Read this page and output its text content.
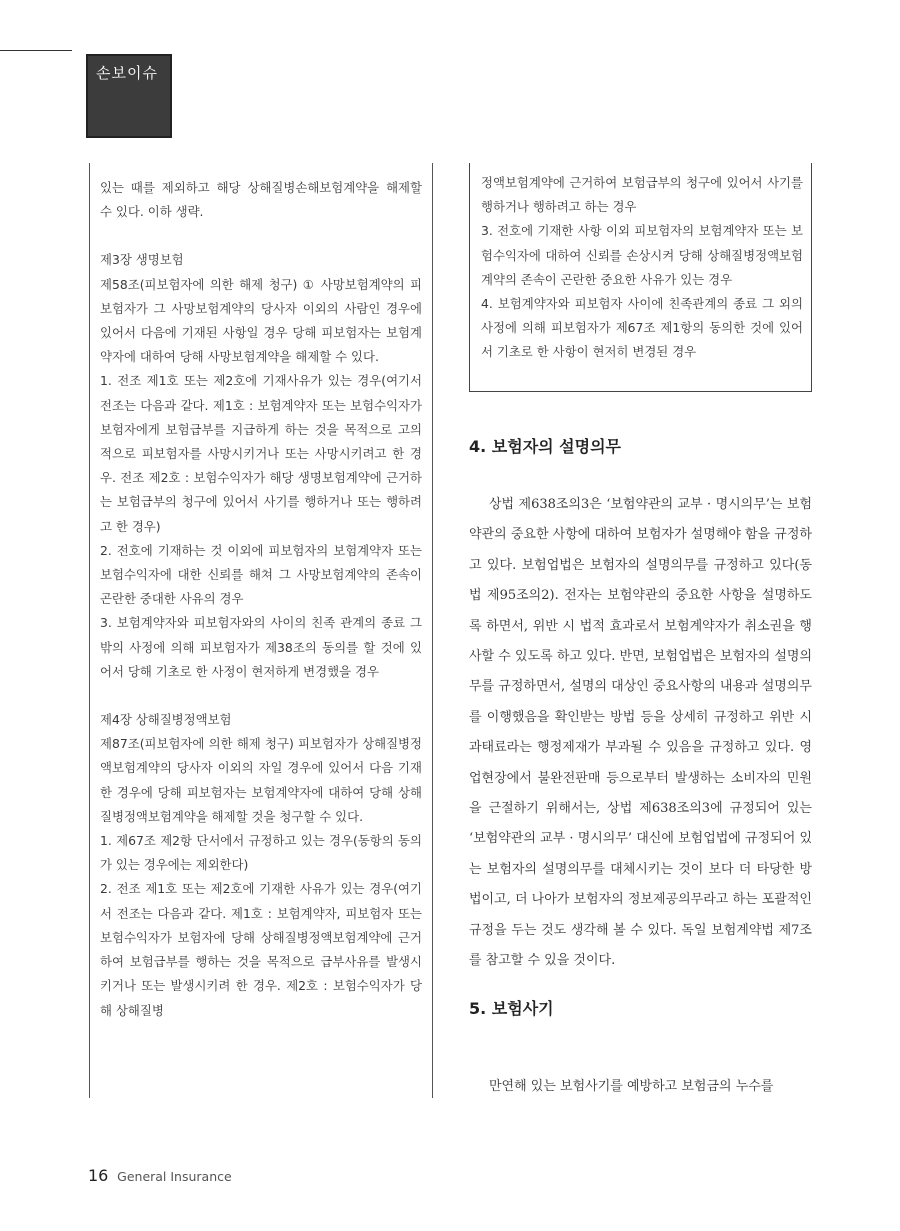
손보이슈

있는 때를 제외하고 해당 상해질병손해보험계약을 해제할 수 있다. 이하 생략.

제3장 생명보험

제58조(피보험자에 의한 해제 청구) ① 사망보험계약의 피보험자가 그 사망보험계약의 당사자 이외의 사람인 경우에 있어서 다음에 기재된 사항일 경우 당해 피보험자는 보험계약자에 대하여 당해 사망보험계약을 해제할 수 있다.

1. 전조 제1호 또는 제2호에 기재사유가 있는 경우(여기서 전조는 다음과 같다. 제1호 : 보험계약자 또는 보험수익자가 보험자에게 보험급부를 지급하게 하는 것을 목적으로 고의적으로 피보험자를 사망시키거나 또는 사망시키려고 한 경우. 전조 제2호 : 보험수익자가 해당 생명보험계약에 근거하는 보험급부의 청구에 있어서 사기를 행하거나 또는 행하려고 한 경우)

2. 전호에 기재하는 것 이외에 피보험자의 보험계약자 또는 보험수익자에 대한 신뢰를 해쳐 그 사망보험계약의 존속이 곤란한 중대한 사유의 경우

3. 보험계약자와 피보험자와의 사이의 친족 관계의 종료 그 밖의 사정에 의해 피보험자가 제38조의 동의를 할 것에 있어서 당해 기초로 한 사정이 현저하게 변경했을 경우

제4장 상해질병정액보험

제87조(피보험자에 의한 해제 청구) 피보험자가 상해질병정액보험계약의 당사자 이외의 자일 경우에 있어서 다음 기재한 경우에 당해 피보험자는 보험계약자에 대하여 당해 상해질병정액보험계약을 해제할 것을 청구할 수 있다.

1. 제67조 제2항 단서에서 규정하고 있는 경우(동항의 동의가 있는 경우에는 제외한다)

2. 전조 제1호 또는 제2호에 기재한 사유가 있는 경우(여기서 전조는 다음과 같다. 제1호 : 보험계약자, 피보험자 또는 보험수익자가 보험자에 당해 상해질병정액보험계약에 근거하여 보험급부를 행하는 것을 목적으로 급부사유를 발생시키거나 또는 발생시키려 한 경우. 제2호 : 보험수익자가 당해 상해질병

정액보험계약에 근거하여 보험급부의 청구에 있어서 사기를 행하거나 행하려고 하는 경우

3. 전호에 기재한 사항 이외 피보험자의 보험계약자 또는 보험수익자에 대하여 신뢰를 손상시켜 당해 상해질병정액보험계약의 존속이 곤란한 중요한 사유가 있는 경우

4. 보험계약자와 피보험자 사이에 친족관계의 종료 그 외의 사정에 의해 피보험자가 제67조 제1항의 동의한 것에 있어서 기초로 한 사항이 현저히 변경된 경우

4. 보험자의 설명의무

상법 제638조의3은 ‘보험약관의 교부 · 명시의무’는 보험약관의 중요한 사항에 대하여 보험자가 설명해야 함을 규정하고 있다. 보험업법은 보험자의 설명의무를 규정하고 있다(동법 제95조의2). 전자는 보험약관의 중요한 사항을 설명하도록 하면서, 위반 시 법적 효과로서 보험계약자가 취소권을 행사할 수 있도록 하고 있다. 반면, 보험업법은 보험자의 설명의무를 규정하면서, 설명의 대상인 중요사항의 내용과 설명의무를 이행했음을 확인받는 방법 등을 상세히 규정하고 위반 시 과태료라는 행정제재가 부과될 수 있음을 규정하고 있다. 영업현장에서 불완전판매 등으로부터 발생하는 소비자의 민원을 근절하기 위해서는, 상법 제638조의3에 규정되어 있는 ‘보험약관의 교부 · 명시의무’ 대신에 보험업법에 규정되어 있는 보험자의 설명의무를 대체시키는 것이 보다 더 타당한 방법이고, 더 나아가 보험자의 정보제공의무라고 하는 포괄적인 규정을 두는 것도 생각해 볼 수 있다. 독일 보험계약법 제7조를 참고할 수 있을 것이다.

5. 보험사기

만연해 있는 보험사기를 예방하고 보험금의 누수를

16 General Insurance
